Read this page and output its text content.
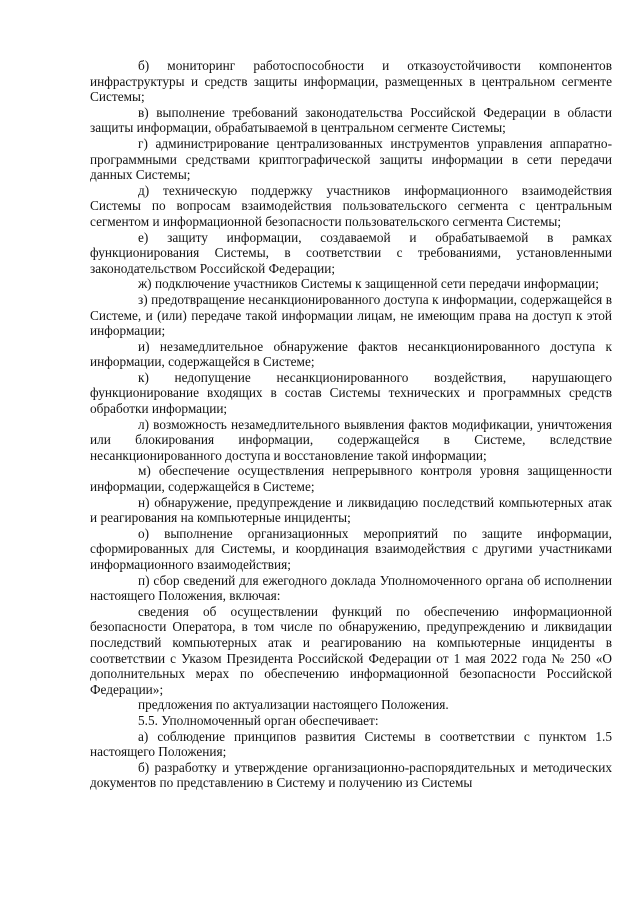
б) мониторинг работоспособности и отказоустойчивости компонентов инфраструктуры и средств защиты информации, размещенных в центральном сегменте Системы;

в) выполнение требований законодательства Российской Федерации в области защиты информации, обрабатываемой в центральном сегменте Системы;

г) администрирование централизованных инструментов управления аппаратно-программными средствами криптографической защиты информации в сети передачи данных Системы;

д) техническую поддержку участников информационного взаимодействия Системы по вопросам взаимодействия пользовательского сегмента с центральным сегментом и информационной безопасности пользовательского сегмента Системы;

е) защиту информации, создаваемой и обрабатываемой в рамках функционирования Системы, в соответствии с требованиями, установленными законодательством Российской Федерации;

ж) подключение участников Системы к защищенной сети передачи информации;

з) предотвращение несанкционированного доступа к информации, содержащейся в Системе, и (или) передаче такой информации лицам, не имеющим права на доступ к этой информации;

и) незамедлительное обнаружение фактов несанкционированного доступа к информации, содержащейся в Системе;

к) недопущение несанкционированного воздействия, нарушающего функционирование входящих в состав Системы технических и программных средств обработки информации;

л) возможность незамедлительного выявления фактов модификации, уничтожения или блокирования информации, содержащейся в Системе, вследствие несанкционированного доступа и восстановление такой информации;

м) обеспечение осуществления непрерывного контроля уровня защищенности информации, содержащейся в Системе;

н) обнаружение, предупреждение и ликвидацию последствий компьютерных атак и реагирования на компьютерные инциденты;

о) выполнение организационных мероприятий по защите информации, сформированных для Системы, и координация взаимодействия с другими участниками информационного взаимодействия;

п) сбор сведений для ежегодного доклада Уполномоченного органа об исполнении настоящего Положения, включая:

сведения об осуществлении функций по обеспечению информационной безопасности Оператора, в том числе по обнаружению, предупреждению и ликвидации последствий компьютерных атак и реагированию на компьютерные инциденты в соответствии с Указом Президента Российской Федерации от 1 мая 2022 года № 250 «О дополнительных мерах по обеспечению информационной безопасности Российской Федерации»;

предложения по актуализации настоящего Положения.

5.5. Уполномоченный орган обеспечивает:

а) соблюдение принципов развития Системы в соответствии с пунктом 1.5 настоящего Положения;

б) разработку и утверждение организационно-распорядительных и методических документов по представлению в Систему и получению из Системы
